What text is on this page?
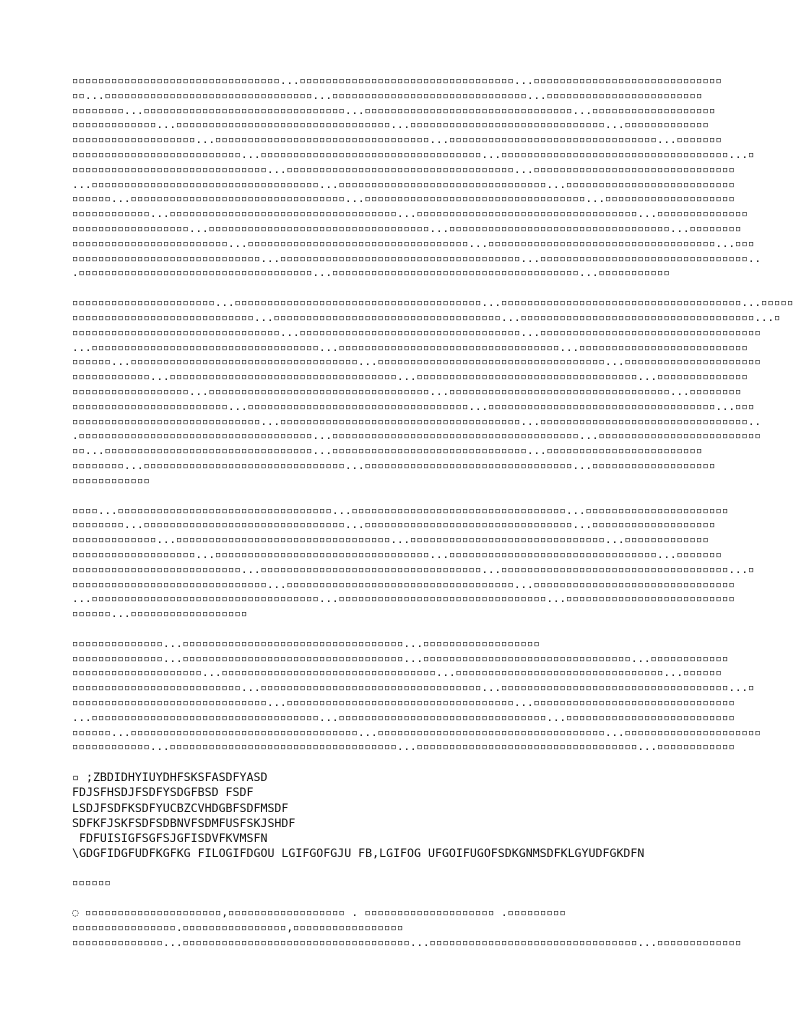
▫▫▫▫▫▫▫▫▫▫▫▫▫▫▫▫▫▫▫▫▫▫▫▫▫▫▫▫▫▫▫▫...▫▫▫▫▫▫▫▫▫▫▫▫▫▫▫▫▫▫▫▫▫▫▫▫▫▫▫▫▫▫▫▫▫...▫▫▫▫▫▫▫▫▫▫▫▫▫▫▫▫▫▫▫▫▫▫▫▫▫▫▫▫▫
▫▫...▫▫▫▫▫▫▫▫▫▫▫▫▫▫▫▫▫▫▫▫▫▫▫▫▫▫▫▫▫▫▫▫...▫▫▫▫▫▫▫▫▫▫▫▫▫▫▫▫▫▫▫▫▫▫▫▫▫▫▫▫▫▫...▫▫▫▫▫▫▫▫▫▫▫▫▫▫▫▫▫▫▫▫▫▫▫▫
▫▫▫▫▫▫▫▫...▫▫▫▫▫▫▫▫▫▫▫▫▫▫▫▫▫▫▫▫▫▫▫▫▫▫▫▫▫▫▫...▫▫▫▫▫▫▫▫▫▫▫▫▫▫▫▫▫▫▫▫▫▫▫▫▫▫▫▫▫▫▫▫...▫▫▫▫▫▫▫▫▫▫▫▫▫▫▫▫▫▫▫
▫▫▫▫▫▫▫▫▫▫▫▫▫...▫▫▫▫▫▫▫▫▫▫▫▫▫▫▫▫▫▫▫▫▫▫▫▫▫▫▫▫▫▫▫▫▫...▫▫▫▫▫▫▫▫▫▫▫▫▫▫▫▫▫▫▫▫▫▫▫▫▫▫▫▫▫▫...▫▫▫▫▫▫▫▫▫▫▫▫▫
▫▫▫▫▫▫▫▫▫▫▫▫▫▫▫▫▫▫▫...▫▫▫▫▫▫▫▫▫▫▫▫▫▫▫▫▫▫▫▫▫▫▫▫▫▫▫▫▫▫▫▫▫...▫▫▫▫▫▫▫▫▫▫▫▫▫▫▫▫▫▫▫▫▫▫▫▫▫▫▫▫▫▫▫▫...▫▫▫▫▫▫▫
▫▫▫▫▫▫▫▫▫▫▫▫▫▫▫▫▫▫▫▫▫▫▫▫▫▫...▫▫▫▫▫▫▫▫▫▫▫▫▫▫▫▫▫▫▫▫▫▫▫▫▫▫▫▫▫▫▫▫▫▫...▫▫▫▫▫▫▫▫▫▫▫▫▫▫▫▫▫▫▫▫▫▫▫▫▫▫▫▫▫▫▫▫▫▫▫...▫
▫▫▫▫▫▫▫▫▫▫▫▫▫▫▫▫▫▫▫▫▫▫▫▫▫▫▫▫▫▫...▫▫▫▫▫▫▫▫▫▫▫▫▫▫▫▫▫▫▫▫▫▫▫▫▫▫▫▫▫▫▫▫▫▫▫...▫▫▫▫▫▫▫▫▫▫▫▫▫▫▫▫▫▫▫▫▫▫▫▫▫▫▫▫▫▫▫
...▫▫▫▫▫▫▫▫▫▫▫▫▫▫▫▫▫▫▫▫▫▫▫▫▫▫▫▫▫▫▫▫▫▫▫...▫▫▫▫▫▫▫▫▫▫▫▫▫▫▫▫▫▫▫▫▫▫▫▫▫▫▫▫▫▫▫▫...▫▫▫▫▫▫▫▫▫▫▫▫▫▫▫▫▫▫▫▫▫▫▫▫▫▫
▫▫▫▫▫▫...▫▫▫▫▫▫▫▫▫▫▫▫▫▫▫▫▫▫▫▫▫▫▫▫▫▫▫▫▫▫▫▫▫...▫▫▫▫▫▫▫▫▫▫▫▫▫▫▫▫▫▫▫▫▫▫▫▫▫▫▫▫▫▫▫▫▫▫...▫▫▫▫▫▫▫▫▫▫▫▫▫▫▫▫▫▫▫▫
▫▫▫▫▫▫▫▫▫▫▫▫...▫▫▫▫▫▫▫▫▫▫▫▫▫▫▫▫▫▫▫▫▫▫▫▫▫▫▫▫▫▫▫▫▫▫▫...▫▫▫▫▫▫▫▫▫▫▫▫▫▫▫▫▫▫▫▫▫▫▫▫▫▫▫▫▫▫▫▫▫▫...▫▫▫▫▫▫▫▫▫▫▫▫▫▫
▫▫▫▫▫▫▫▫▫▫▫▫▫▫▫▫▫▫...▫▫▫▫▫▫▫▫▫▫▫▫▫▫▫▫▫▫▫▫▫▫▫▫▫▫▫▫▫▫▫▫▫▫...▫▫▫▫▫▫▫▫▫▫▫▫▫▫▫▫▫▫▫▫▫▫▫▫▫▫▫▫▫▫▫▫▫▫...▫▫▫▫▫▫▫▫
▫▫▫▫▫▫▫▫▫▫▫▫▫▫▫▫▫▫▫▫▫▫▫▫...▫▫▫▫▫▫▫▫▫▫▫▫▫▫▫▫▫▫▫▫▫▫▫▫▫▫▫▫▫▫▫▫▫▫...▫▫▫▫▫▫▫▫▫▫▫▫▫▫▫▫▫▫▫▫▫▫▫▫▫▫▫▫▫▫▫▫▫▫▫...▫▫▫
▫▫▫▫▫▫▫▫▫▫▫▫▫▫▫▫▫▫▫▫▫▫▫▫▫▫▫▫▫...▫▫▫▫▫▫▫▫▫▫▫▫▫▫▫▫▫▫▫▫▫▫▫▫▫▫▫▫▫▫▫▫▫▫▫▫▫...▫▫▫▫▫▫▫▫▫▫▫▫▫▫▫▫▫▫▫▫▫▫▫▫▫▫▫▫▫▫▫▫..
.▫▫▫▫▫▫▫▫▫▫▫▫▫▫▫▫▫▫▫▫▫▫▫▫▫▫▫▫▫▫▫▫▫▫▫▫...▫▫▫▫▫▫▫▫▫▫▫▫▫▫▫▫▫▫▫▫▫▫▫▫▫▫▫▫▫▫▫▫▫▫▫▫▫▫...▫▫▫▫▫▫▫▫▫▫▫
▫▫▫▫▫▫▫▫▫▫▫▫▫▫▫▫▫▫▫▫▫▫...▫▫▫▫▫▫▫▫▫▫▫▫▫▫▫▫▫▫▫▫▫▫▫▫▫▫▫▫▫▫▫▫▫▫▫▫▫▫...▫▫▫▫▫▫▫▫▫▫▫▫▫▫▫▫▫▫▫▫▫▫▫▫▫▫▫▫▫▫▫▫▫▫▫▫▫...▫▫▫▫▫
▫▫▫▫▫▫▫▫▫▫▫▫▫▫▫▫▫▫▫▫▫▫▫▫▫▫▫▫...▫▫▫▫▫▫▫▫▫▫▫▫▫▫▫▫▫▫▫▫▫▫▫▫▫▫▫▫▫▫▫▫▫▫▫...▫▫▫▫▫▫▫▫▫▫▫▫▫▫▫▫▫▫▫▫▫▫▫▫▫▫▫▫▫▫▫▫▫▫▫▫...▫
▫▫▫▫▫▫▫▫▫▫▫▫▫▫▫▫▫▫▫▫▫▫▫▫▫▫▫▫▫▫▫▫...▫▫▫▫▫▫▫▫▫▫▫▫▫▫▫▫▫▫▫▫▫▫▫▫▫▫▫▫▫▫▫▫▫▫...▫▫▫▫▫▫▫▫▫▫▫▫▫▫▫▫▫▫▫▫▫▫▫▫▫▫▫▫▫▫▫▫▫▫
...▫▫▫▫▫▫▫▫▫▫▫▫▫▫▫▫▫▫▫▫▫▫▫▫▫▫▫▫▫▫▫▫▫▫▫...▫▫▫▫▫▫▫▫▫▫▫▫▫▫▫▫▫▫▫▫▫▫▫▫▫▫▫▫▫▫▫▫▫▫...▫▫▫▫▫▫▫▫▫▫▫▫▫▫▫▫▫▫▫▫▫▫▫▫▫▫
▫▫▫▫▫▫...▫▫▫▫▫▫▫▫▫▫▫▫▫▫▫▫▫▫▫▫▫▫▫▫▫▫▫▫▫▫▫▫▫▫▫...▫▫▫▫▫▫▫▫▫▫▫▫▫▫▫▫▫▫▫▫▫▫▫▫▫▫▫▫▫▫▫▫▫▫▫...▫▫▫▫▫▫▫▫▫▫▫▫▫▫▫▫▫▫▫▫▫
▫▫▫▫▫▫▫▫▫▫▫▫...▫▫▫▫▫▫▫▫▫▫▫▫▫▫▫▫▫▫▫▫▫▫▫▫▫▫▫▫▫▫▫▫▫▫▫...▫▫▫▫▫▫▫▫▫▫▫▫▫▫▫▫▫▫▫▫▫▫▫▫▫▫▫▫▫▫▫▫▫▫...▫▫▫▫▫▫▫▫▫▫▫▫▫▫
▫▫▫▫▫▫▫▫▫▫▫▫▫▫▫▫▫▫...▫▫▫▫▫▫▫▫▫▫▫▫▫▫▫▫▫▫▫▫▫▫▫▫▫▫▫▫▫▫▫▫▫▫...▫▫▫▫▫▫▫▫▫▫▫▫▫▫▫▫▫▫▫▫▫▫▫▫▫▫▫▫▫▫▫▫▫▫...▫▫▫▫▫▫▫▫
▫▫▫▫▫▫▫▫▫▫▫▫▫▫▫▫▫▫▫▫▫▫▫▫...▫▫▫▫▫▫▫▫▫▫▫▫▫▫▫▫▫▫▫▫▫▫▫▫▫▫▫▫▫▫▫▫▫▫...▫▫▫▫▫▫▫▫▫▫▫▫▫▫▫▫▫▫▫▫▫▫▫▫▫▫▫▫▫▫▫▫▫▫▫...▫▫▫
▫▫▫▫▫▫▫▫▫▫▫▫▫▫▫▫▫▫▫▫▫▫▫▫▫▫▫▫▫...▫▫▫▫▫▫▫▫▫▫▫▫▫▫▫▫▫▫▫▫▫▫▫▫▫▫▫▫▫▫▫▫▫▫▫▫▫...▫▫▫▫▫▫▫▫▫▫▫▫▫▫▫▫▫▫▫▫▫▫▫▫▫▫▫▫▫▫▫▫..
.▫▫▫▫▫▫▫▫▫▫▫▫▫▫▫▫▫▫▫▫▫▫▫▫▫▫▫▫▫▫▫▫▫▫▫▫...▫▫▫▫▫▫▫▫▫▫▫▫▫▫▫▫▫▫▫▫▫▫▫▫▫▫▫▫▫▫▫▫▫▫▫▫▫▫...▫▫▫▫▫▫▫▫▫▫▫▫▫▫▫▫▫▫▫▫▫▫▫▫▫
▫▫...▫▫▫▫▫▫▫▫▫▫▫▫▫▫▫▫▫▫▫▫▫▫▫▫▫▫▫▫▫▫▫▫...▫▫▫▫▫▫▫▫▫▫▫▫▫▫▫▫▫▫▫▫▫▫▫▫▫▫▫▫▫▫...▫▫▫▫▫▫▫▫▫▫▫▫▫▫▫▫▫▫▫▫▫▫▫▫
▫▫▫▫▫▫▫▫...▫▫▫▫▫▫▫▫▫▫▫▫▫▫▫▫▫▫▫▫▫▫▫▫▫▫▫▫▫▫▫...▫▫▫▫▫▫▫▫▫▫▫▫▫▫▫▫▫▫▫▫▫▫▫▫▫▫▫▫▫▫▫▫...▫▫▫▫▫▫▫▫▫▫▫▫▫▫▫▫▫▫▫
▫▫▫▫▫▫▫▫▫▫▫▫
▫▫▫▫...▫▫▫▫▫▫▫▫▫▫▫▫▫▫▫▫▫▫▫▫▫▫▫▫▫▫▫▫▫▫▫▫▫...▫▫▫▫▫▫▫▫▫▫▫▫▫▫▫▫▫▫▫▫▫▫▫▫▫▫▫▫▫▫▫▫▫...▫▫▫▫▫▫▫▫▫▫▫▫▫▫▫▫▫▫▫▫▫▫
▫▫▫▫▫▫▫▫...▫▫▫▫▫▫▫▫▫▫▫▫▫▫▫▫▫▫▫▫▫▫▫▫▫▫▫▫▫▫▫...▫▫▫▫▫▫▫▫▫▫▫▫▫▫▫▫▫▫▫▫▫▫▫▫▫▫▫▫▫▫▫▫...▫▫▫▫▫▫▫▫▫▫▫▫▫▫▫▫▫▫▫
▫▫▫▫▫▫▫▫▫▫▫▫▫...▫▫▫▫▫▫▫▫▫▫▫▫▫▫▫▫▫▫▫▫▫▫▫▫▫▫▫▫▫▫▫▫▫...▫▫▫▫▫▫▫▫▫▫▫▫▫▫▫▫▫▫▫▫▫▫▫▫▫▫▫▫▫▫...▫▫▫▫▫▫▫▫▫▫▫▫▫
▫▫▫▫▫▫▫▫▫▫▫▫▫▫▫▫▫▫▫...▫▫▫▫▫▫▫▫▫▫▫▫▫▫▫▫▫▫▫▫▫▫▫▫▫▫▫▫▫▫▫▫▫...▫▫▫▫▫▫▫▫▫▫▫▫▫▫▫▫▫▫▫▫▫▫▫▫▫▫▫▫▫▫▫▫...▫▫▫▫▫▫▫
▫▫▫▫▫▫▫▫▫▫▫▫▫▫▫▫▫▫▫▫▫▫▫▫▫▫...▫▫▫▫▫▫▫▫▫▫▫▫▫▫▫▫▫▫▫▫▫▫▫▫▫▫▫▫▫▫▫▫▫▫...▫▫▫▫▫▫▫▫▫▫▫▫▫▫▫▫▫▫▫▫▫▫▫▫▫▫▫▫▫▫▫▫▫▫▫...▫
▫▫▫▫▫▫▫▫▫▫▫▫▫▫▫▫▫▫▫▫▫▫▫▫▫▫▫▫▫▫...▫▫▫▫▫▫▫▫▫▫▫▫▫▫▫▫▫▫▫▫▫▫▫▫▫▫▫▫▫▫▫▫▫▫▫...▫▫▫▫▫▫▫▫▫▫▫▫▫▫▫▫▫▫▫▫▫▫▫▫▫▫▫▫▫▫▫
...▫▫▫▫▫▫▫▫▫▫▫▫▫▫▫▫▫▫▫▫▫▫▫▫▫▫▫▫▫▫▫▫▫▫▫...▫▫▫▫▫▫▫▫▫▫▫▫▫▫▫▫▫▫▫▫▫▫▫▫▫▫▫▫▫▫▫▫...▫▫▫▫▫▫▫▫▫▫▫▫▫▫▫▫▫▫▫▫▫▫▫▫▫▫
▫▫▫▫▫▫...▫▫▫▫▫▫▫▫▫▫▫▫▫▫▫▫▫▫
▫▫▫▫▫▫▫▫▫▫▫▫▫▫...▫▫▫▫▫▫▫▫▫▫▫▫▫▫▫▫▫▫▫▫▫▫▫▫▫▫▫▫▫▫▫▫▫▫...▫▫▫▫▫▫▫▫▫▫▫▫▫▫▫▫▫▫
▫▫▫▫▫▫▫▫▫▫▫▫▫▫...▫▫▫▫▫▫▫▫▫▫▫▫▫▫▫▫▫▫▫▫▫▫▫▫▫▫▫▫▫▫▫▫▫▫...▫▫▫▫▫▫▫▫▫▫▫▫▫▫▫▫▫▫▫▫▫▫▫▫▫▫▫▫▫▫▫▫...▫▫▫▫▫▫▫▫▫▫▫▫
▫▫▫▫▫▫▫▫▫▫▫▫▫▫▫▫▫▫▫▫...▫▫▫▫▫▫▫▫▫▫▫▫▫▫▫▫▫▫▫▫▫▫▫▫▫▫▫▫▫▫▫▫▫...▫▫▫▫▫▫▫▫▫▫▫▫▫▫▫▫▫▫▫▫▫▫▫▫▫▫▫▫▫▫▫▫...▫▫▫▫▫▫
▫▫▫▫▫▫▫▫▫▫▫▫▫▫▫▫▫▫▫▫▫▫▫▫▫▫...▫▫▫▫▫▫▫▫▫▫▫▫▫▫▫▫▫▫▫▫▫▫▫▫▫▫▫▫▫▫▫▫▫▫...▫▫▫▫▫▫▫▫▫▫▫▫▫▫▫▫▫▫▫▫▫▫▫▫▫▫▫▫▫▫▫▫▫▫▫...▫
▫▫▫▫▫▫▫▫▫▫▫▫▫▫▫▫▫▫▫▫▫▫▫▫▫▫▫▫▫▫...▫▫▫▫▫▫▫▫▫▫▫▫▫▫▫▫▫▫▫▫▫▫▫▫▫▫▫▫▫▫▫▫▫▫▫...▫▫▫▫▫▫▫▫▫▫▫▫▫▫▫▫▫▫▫▫▫▫▫▫▫▫▫▫▫▫▫
...▫▫▫▫▫▫▫▫▫▫▫▫▫▫▫▫▫▫▫▫▫▫▫▫▫▫▫▫▫▫▫▫▫▫▫...▫▫▫▫▫▫▫▫▫▫▫▫▫▫▫▫▫▫▫▫▫▫▫▫▫▫▫▫▫▫▫▫...▫▫▫▫▫▫▫▫▫▫▫▫▫▫▫▫▫▫▫▫▫▫▫▫▫▫
▫▫▫▫▫▫...▫▫▫▫▫▫▫▫▫▫▫▫▫▫▫▫▫▫▫▫▫▫▫▫▫▫▫▫▫▫▫▫▫▫▫...▫▫▫▫▫▫▫▫▫▫▫▫▫▫▫▫▫▫▫▫▫▫▫▫▫▫▫▫▫▫▫▫▫▫▫...▫▫▫▫▫▫▫▫▫▫▫▫▫▫▫▫▫▫▫▫▫
▫▫▫▫▫▫▫▫▫▫▫▫...▫▫▫▫▫▫▫▫▫▫▫▫▫▫▫▫▫▫▫▫▫▫▫▫▫▫▫▫▫▫▫▫▫▫▫...▫▫▫▫▫▫▫▫▫▫▫▫▫▫▫▫▫▫▫▫▫▫▫▫▫▫▫▫▫▫▫▫▫▫...▫▫▫▫▫▫▫▫▫▫▫▫
▫ ;ZBDIDHYIUYDHFSKSFASDFYASD
FDJSFHSDJFSDFYSDGFBSD FSDF
LSDJFSDFKSDFYUCBZCVHDGBFSDFMSDF
SDFKFJSKFSDFSDBNVFSDMFUSFSKJSHDF
FDFUISIGFSGFSJGFISDVFKVMSFN
\GDGFIDGFUDFKGFKG FILOGIFDGOU LGIFGOFGJU FB,LGIFOG UFGOIFUGOFSDKGNMSDFKLGYUDFGKDFN
▫▫▫▫▫▫
◌ ▫▫▫▫▫▫▫▫▫▫▫▫▫▫▫▫▫▫▫▫▫,▫▫▫▫▫▫▫▫▫▫▫▫▫▫▫▫▫▫ . ▫▫▫▫▫▫▫▫▫▫▫▫▫▫▫▫▫▫▫▫ .▫▫▫▫▫▫▫▫▫
▫▫▫▫▫▫▫▫▫▫▫▫▫▫▫▫.▫▫▫▫▫▫▫▫▫▫▫▫▫▫▫▫,▫▫▫▫▫▫▫▫▫▫▫▫▫▫▫▫▫
▫▫▫▫▫▫▫▫▫▫▫▫▫▫...▫▫▫▫▫▫▫▫▫▫▫▫▫▫▫▫▫▫▫▫▫▫▫▫▫▫▫▫▫▫▫▫▫▫▫...▫▫▫▫▫▫▫▫▫▫▫▫▫▫▫▫▫▫▫▫▫▫▫▫▫▫▫▫▫▫▫▫...▫▫▫▫▫▫▫▫▫▫▫▫▫
